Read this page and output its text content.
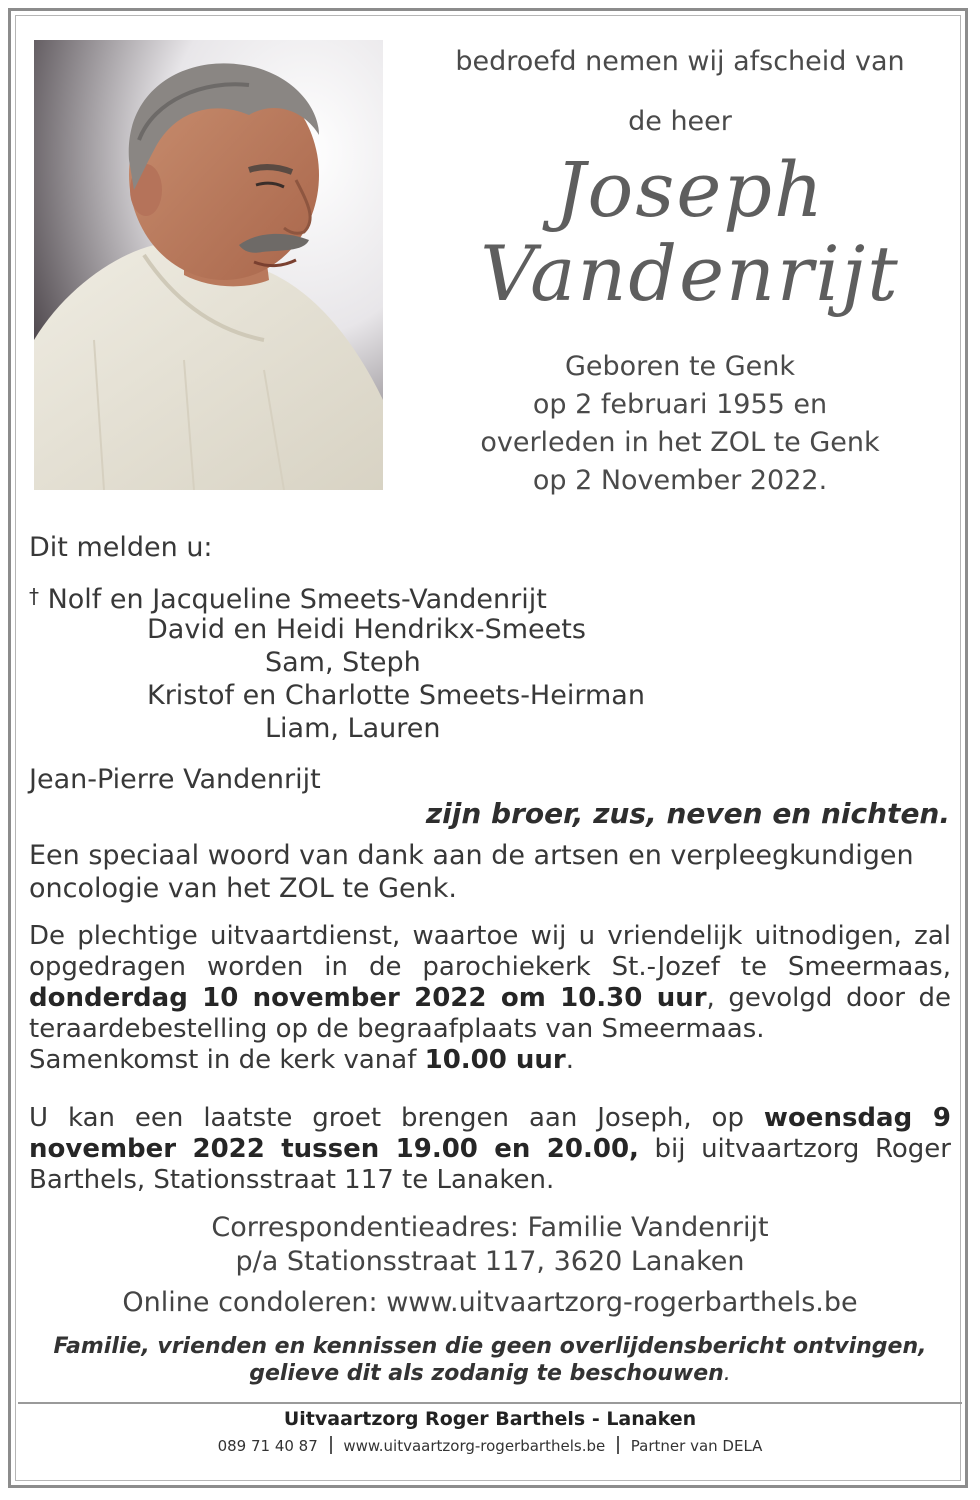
bedroefd nemen wij afscheid van
de heer
Joseph
Vandenrijt
Geboren te Genk
op 2 februari 1955 en
overleden in het ZOL te Genk
op 2 November 2022.
Dit melden u:
† Nolf en Jacqueline Smeets-Vandenrijt
David en Heidi Hendrikx-Smeets
Sam, Steph
Kristof en Charlotte Smeets-Heirman
Liam, Lauren
Jean-Pierre Vandenrijt
zijn broer, zus, neven en nichten.
Een speciaal woord van dank aan de artsen en verpleegkundigen
oncologie van het ZOL te Genk.
De plechtige uitvaartdienst, waartoe wij u vriendelijk uitnodigen, zal opgedragen worden in de parochiekerk St.-Jozef te Smeermaas, donderdag 10 november 2022 om 10.30 uur, gevolgd door de teraardebestelling op de begraafplaats van Smeermaas.
Samenkomst in de kerk vanaf 10.00 uur.
U kan een laatste groet brengen aan Joseph, op woensdag 9 november 2022 tussen 19.00 en 20.00, bij uitvaartzorg Roger Barthels, Stationsstraat 117 te Lanaken.
Correspondentieadres: Familie Vandenrijt
p/a Stationsstraat 117, 3620 Lanaken
Online condoleren: www.uitvaartzorg-rogerbarthels.be
Familie, vrienden en kennissen die geen overlijdensbericht ontvingen,
gelieve dit als zodanig te beschouwen.
Uitvaartzorg Roger Barthels - Lanaken
089 71 40 87 www.uitvaartzorg-rogerbarthels.be Partner van DELA
